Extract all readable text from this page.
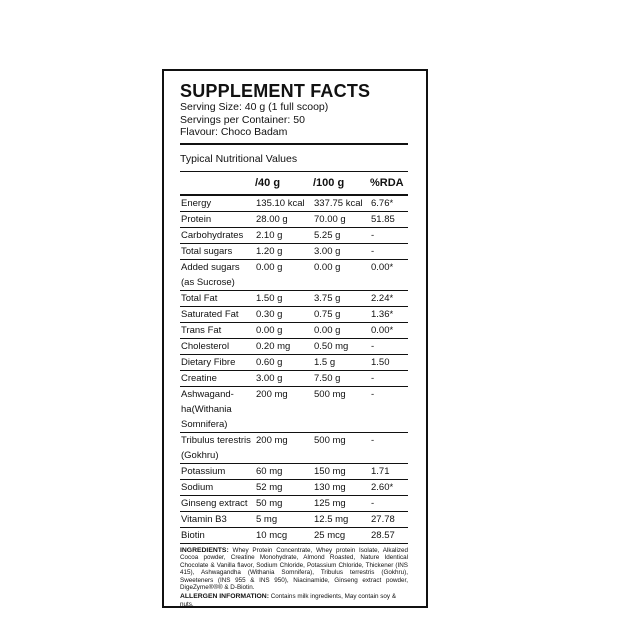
SUPPLEMENT FACTS

Serving Size: 40 g (1 full scoop)

Servings per Container: 50

Flavour: Choco Badam

Typical Nutritional Values

	/40 g	/100 g	%RDA

Energy	135.10 kcal	337.75 kcal	6.76*

Protein	28.00 g	70.00 g	51.85

Carbohydrates	2.10 g	5.25 g	-

Total sugars	1.20 g	3.00 g	-

Added sugars
(as Sucrose)	0.00 g	0.00 g	0.00*

Total Fat	1.50 g	3.75 g	2.24*

Saturated Fat	0.30 g	0.75 g	1.36*

Trans Fat	0.00 g	0.00 g	0.00*

Cholesterol	0.20 mg	0.50 mg	-

Dietary Fibre	0.60 g	1.5 g	1.50

Creatine	3.00 g	7.50 g	-

Ashwagand-
ha(Withania
Somnifera)	200 mg	500 mg	-

Tribulus terestris
(Gokhru)	200 mg	500 mg	-

Potassium	60 mg	150 mg	1.71

Sodium	52 mg	130 mg	2.60*

Ginseng extract	50 mg	125 mg	-

Vitamin B3	5 mg	12.5 mg	27.78

Biotin	10 mcg	25 mcg	28.57

INGREDIENTS: Whey Protein Concentrate, Whey protein Isolate, Alkalized Cocoa powder, Creatine Monohydrate, Almond Roasted, Nature Identical Chocolate & Vanilla flavor, Sodium Chloride, Potassium Chloride, Thickener (INS 415), Ashwagandha (Withania Somnifera), Tribulus terrestris (Gokhru), Sweeteners (INS 955 & INS 950), Niacinamide, Ginseng extract powder, DigeZyme®®® & D-Biotin.

ALLERGEN INFORMATION: Contains milk ingredients, May contain soy & nuts.
